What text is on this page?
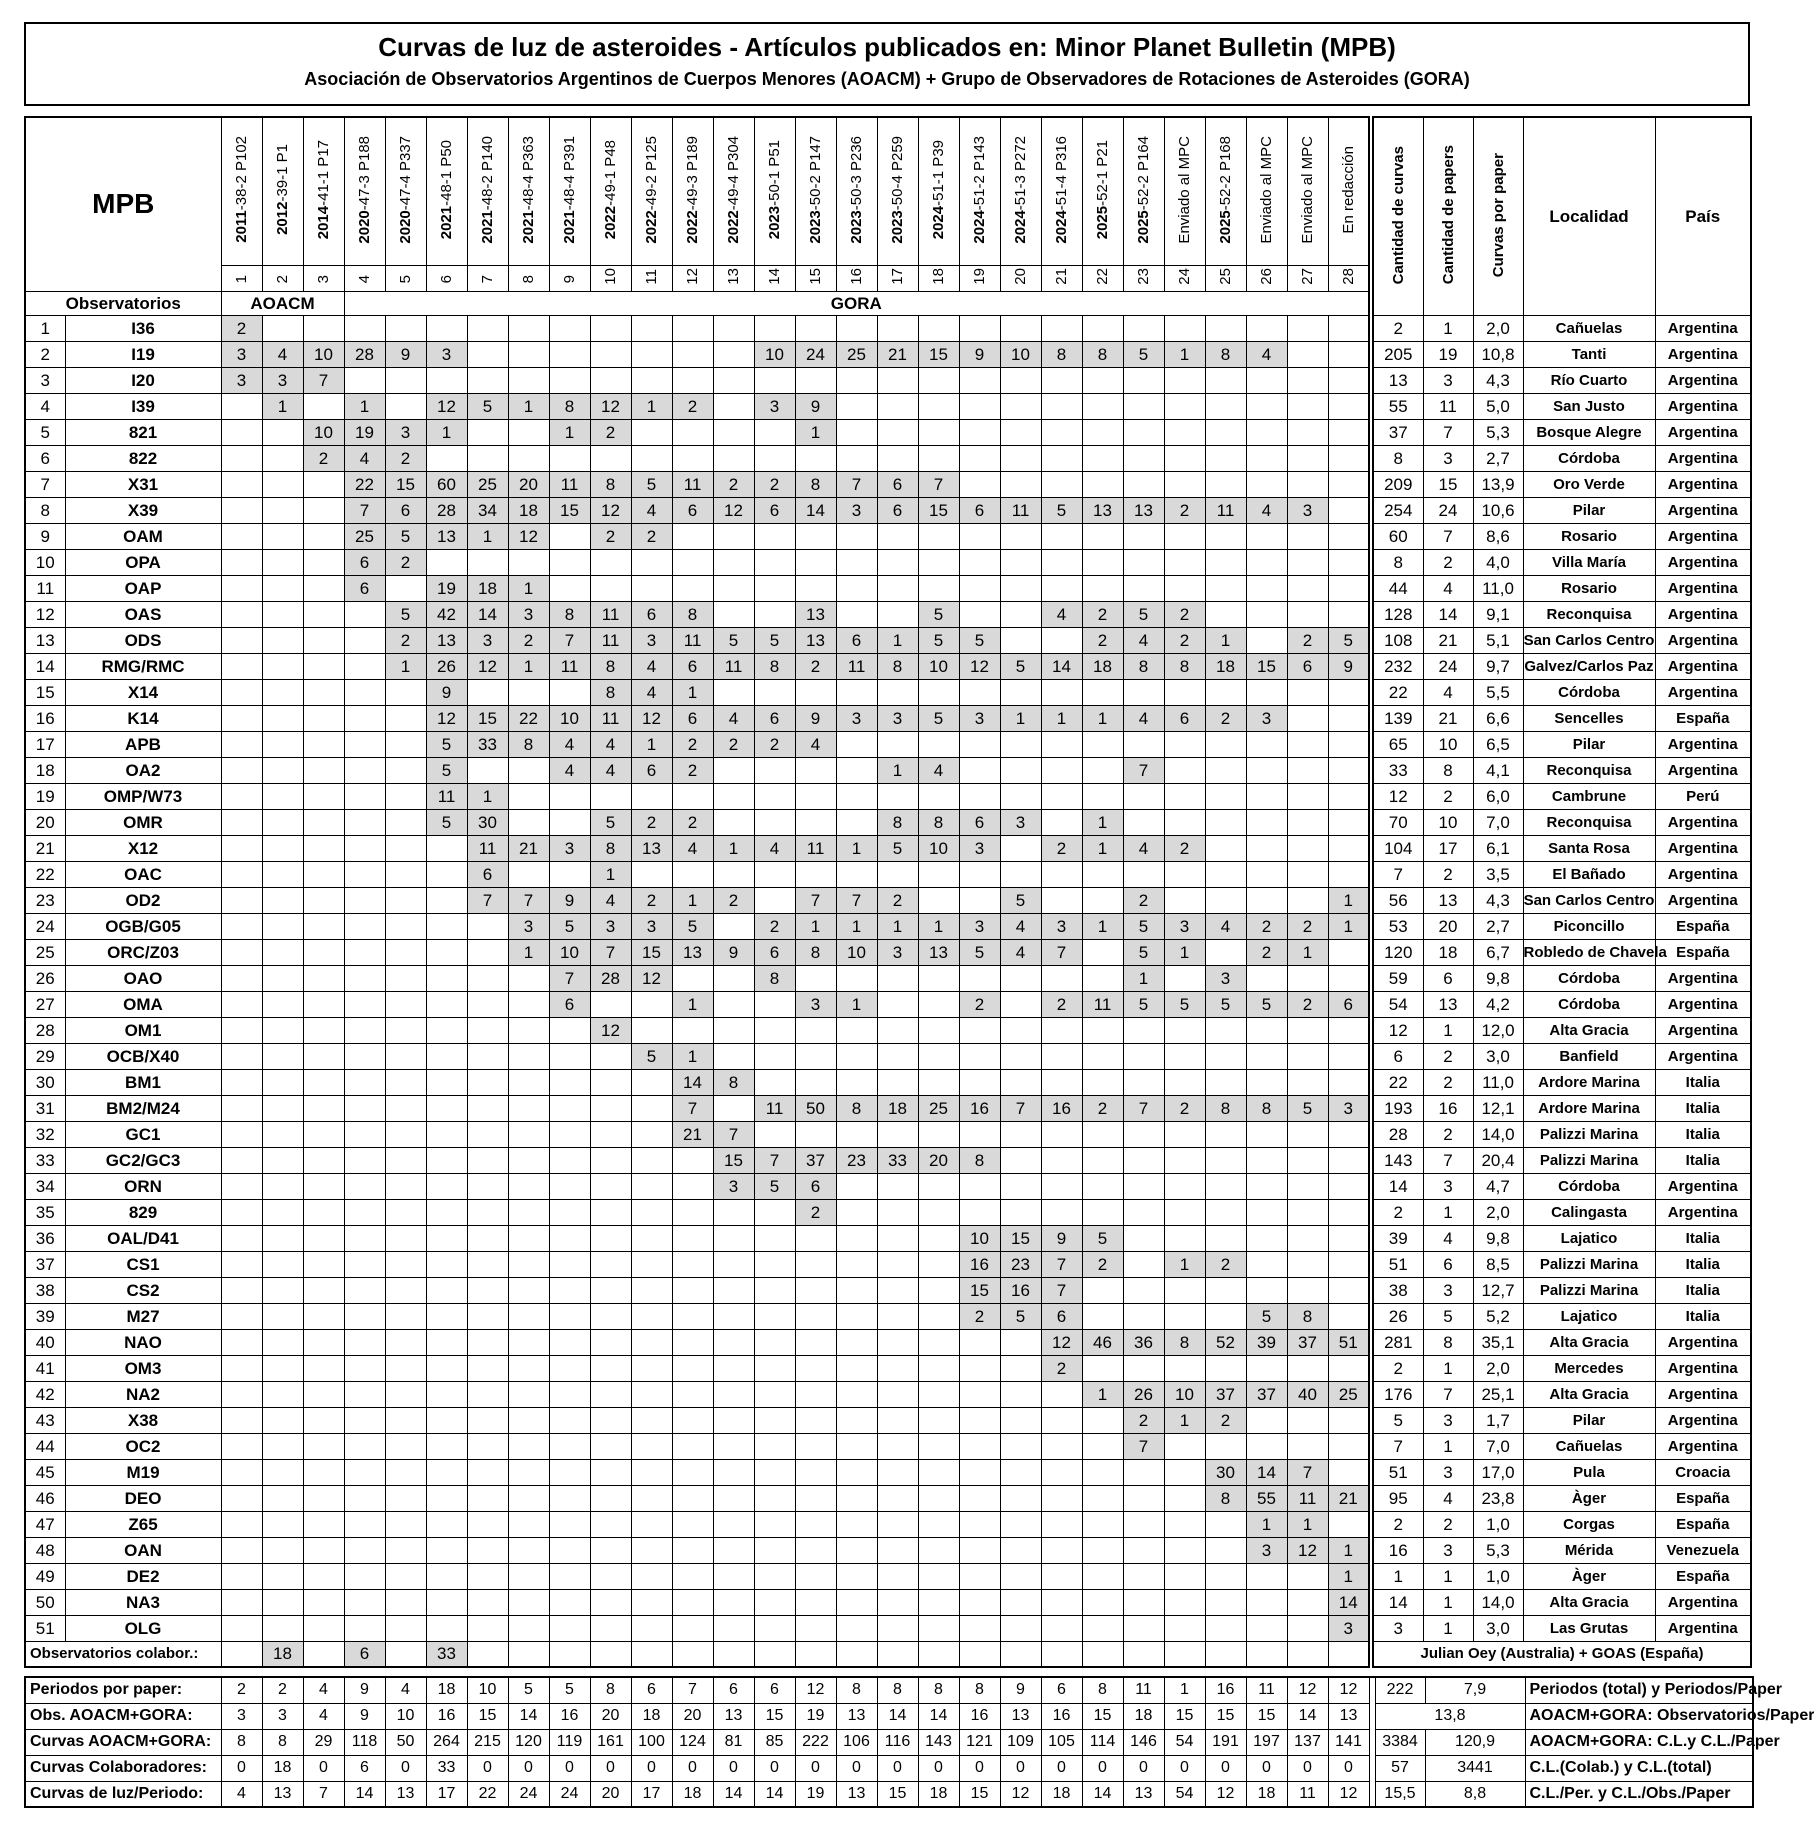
Curvas de luz de asteroides - Artículos publicados en: Minor Planet Bulletin (MPB)
Asociación de Observatorios Argentinos de Cuerpos Menores (AOACM) + Grupo de Observadores de Rotaciones de Asteroides (GORA)
MPB		2011-38-2 P102	2012-39-1 P1	2014-41-1 P17	2020-47-3 P188	2020-47-4 P337	2021-48-1 P50	2021-48-2 P140	2021-48-4 P363	2021-48-4 P391	2022-49-1 P48	2022-49-2 P125	2022-49-3 P189	2022-49-4 P304	2023-50-1 P51	2023-50-2 P147	2023-50-3 P236	2023-50-4 P259	2024-51-1 P39	2024-51-2 P143	2024-51-3 P272	2024-51-4 P316	2025-52-1 P21	2025-52-2 P164	Enviado al MPC	2025-52-2 P168	Enviado al MPC	Enviado al MPC	En redacción
		1	2	3	4	5	6	7	8	9	10	11	12	13	14	15	16	17	18	19	20	21	22	23	24	25	26	27	28
Observatorios		AOACM			GORA																								
1	I36	2																											
2	I19	3	4	10	28	9	3								10	24	25	21	15	9	10	8	8	5	1	8	4		
3	I20	3	3	7																									
4	I39		1		1		12	5	1	8	12	1	2		3	9													
5	821			10	19	3	1			1	2					1													
6	822			2	4	2																							
7	X31				22	15	60	25	20	11	8	5	11	2	2	8	7	6	7										
8	X39				7	6	28	34	18	15	12	4	6	12	6	14	3	6	15	6	11	5	13	13	2	11	4	3	
9	OAM				25	5	13	1	12		2	2																	
10	OPA				6	2																							
11	OAP				6		19	18	1																				
12	OAS					5	42	14	3	8	11	6	8			13			5			4	2	5	2				
13	ODS					2	13	3	2	7	11	3	11	5	5	13	6	1	5	5			2	4	2	1		2	5
14	RMG/RMC					1	26	12	1	11	8	4	6	11	8	2	11	8	10	12	5	14	18	8	8	18	15	6	9
15	X14						9				8	4	1																
16	K14						12	15	22	10	11	12	6	4	6	9	3	3	5	3	1	1	1	4	6	2	3		
17	APB						5	33	8	4	4	1	2	2	2	4													
18	OA2						5			4	4	6	2					1	4					7					
19	OMP/W73						11	1																					
20	OMR						5	30			5	2	2					8	8	6	3		1						
21	X12							11	21	3	8	13	4	1	4	11	1	5	10	3		2	1	4	2				
22	OAC							6			1																		
23	OD2							7	7	9	4	2	1	2		7	7	2			5			2					1
24	OGB/G05								3	5	3	3	5		2	1	1	1	1	3	4	3	1	5	3	4	2	2	1
25	ORC/Z03								1	10	7	15	13	9	6	8	10	3	13	5	4	7		5	1		2	1	
26	OAO									7	28	12			8									1		3			
27	OMA									6			1			3	1			2		2	11	5	5	5	5	2	6
28	OM1										12																		
29	OCB/X40											5	1																
30	BM1												14	8															
31	BM2/M24												7		11	50	8	18	25	16	7	16	2	7	2	8	8	5	3
32	GC1												21	7															
33	GC2/GC3													15	7	37	23	33	20	8									
34	ORN													3	5	6													
35	829															2													
36	OAL/D41																			10	15	9	5						
37	CS1																			16	23	7	2		1	2			
38	CS2																			15	16	7							
39	M27																			2	5	6					5	8	
40	NAO																					12	46	36	8	52	39	37	51
41	OM3																					2							
42	NA2																						1	26	10	37	37	40	25
43	X38																							2	1	2			
44	OC2																							7					
45	M19																									30	14	7	
46	DEO																									8	55	11	21
47	Z65																										1	1	
48	OAN																										3	12	1
49	DE2																												1
50	NA3																												14
51	OLG																												3
Observatorios colabor.:			18		6		33																						
Cantidad de curvas	Cantidad de papers	Curvas por paper	Localidad	País
2	1	2,0	Cañuelas	Argentina
205	19	10,8	Tanti	Argentina
13	3	4,3	Río Cuarto	Argentina
55	11	5,0	San Justo	Argentina
37	7	5,3	Bosque Alegre	Argentina
8	3	2,7	Córdoba	Argentina
209	15	13,9	Oro Verde	Argentina
254	24	10,6	Pilar	Argentina
60	7	8,6	Rosario	Argentina
8	2	4,0	Villa María	Argentina
44	4	11,0	Rosario	Argentina
128	14	9,1	Reconquisa	Argentina
108	21	5,1	San Carlos Centro	Argentina
232	24	9,7	Galvez/Carlos Paz	Argentina
22	4	5,5	Córdoba	Argentina
139	21	6,6	Sencelles	España
65	10	6,5	Pilar	Argentina
33	8	4,1	Reconquisa	Argentina
12	2	6,0	Cambrune	Perú
70	10	7,0	Reconquisa	Argentina
104	17	6,1	Santa Rosa	Argentina
7	2	3,5	El Bañado	Argentina
56	13	4,3	San Carlos Centro	Argentina
53	20	2,7	Piconcillo	España
120	18	6,7	Robledo de Chavela	España
59	6	9,8	Córdoba	Argentina
54	13	4,2	Córdoba	Argentina
12	1	12,0	Alta Gracia	Argentina
6	2	3,0	Banfield	Argentina
22	2	11,0	Ardore Marina	Italia
193	16	12,1	Ardore Marina	Italia
28	2	14,0	Palizzi Marina	Italia
143	7	20,4	Palizzi Marina	Italia
14	3	4,7	Córdoba	Argentina
2	1	2,0	Calingasta	Argentina
39	4	9,8	Lajatico	Italia
51	6	8,5	Palizzi Marina	Italia
38	3	12,7	Palizzi Marina	Italia
26	5	5,2	Lajatico	Italia
281	8	35,1	Alta Gracia	Argentina
2	1	2,0	Mercedes	Argentina
176	7	25,1	Alta Gracia	Argentina
5	3	1,7	Pilar	Argentina
7	1	7,0	Cañuelas	Argentina
51	3	17,0	Pula	Croacia
95	4	23,8	Àger	España
2	2	1,0	Corgas	España
16	3	5,3	Mérida	Venezuela
1	1	1,0	Àger	España
14	1	14,0	Alta Gracia	Argentina
3	1	3,0	Las Grutas	Argentina
Julian Oey (Australia) + GOAS (España)				
Periodos por paper:	2	2	4	9	4	18	10	5	5	8	6	7	6	6	12	8	8	8	8	9	6	8	11	1	16	11	12	12		222	7,9	Periodos (total) y Periodos/Paper
Obs. AOACM+GORA:	3	3	4	9	10	16	15	14	16	20	18	20	13	15	19	13	14	14	16	13	16	15	18	15	15	15	14	13		13,8		AOACM+GORA: Observatorios/Paper
Curvas AOACM+GORA:	8	8	29	118	50	264	215	120	119	161	100	124	81	85	222	106	116	143	121	109	105	114	146	54	191	197	137	141		3384	120,9	AOACM+GORA: C.L.y C.L./Paper
Curvas Colaboradores:	0	18	0	6	0	33	0	0	0	0	0	0	0	0	0	0	0	0	0	0	0	0	0	0	0	0	0	0		57	3441	C.L.(Colab.) y C.L.(total)
Curvas de luz/Periodo:	4	13	7	14	13	17	22	24	24	20	17	18	14	14	19	13	15	18	15	12	18	14	13	54	12	18	11	12		15,5	8,8	C.L./Per. y C.L./Obs./Paper
